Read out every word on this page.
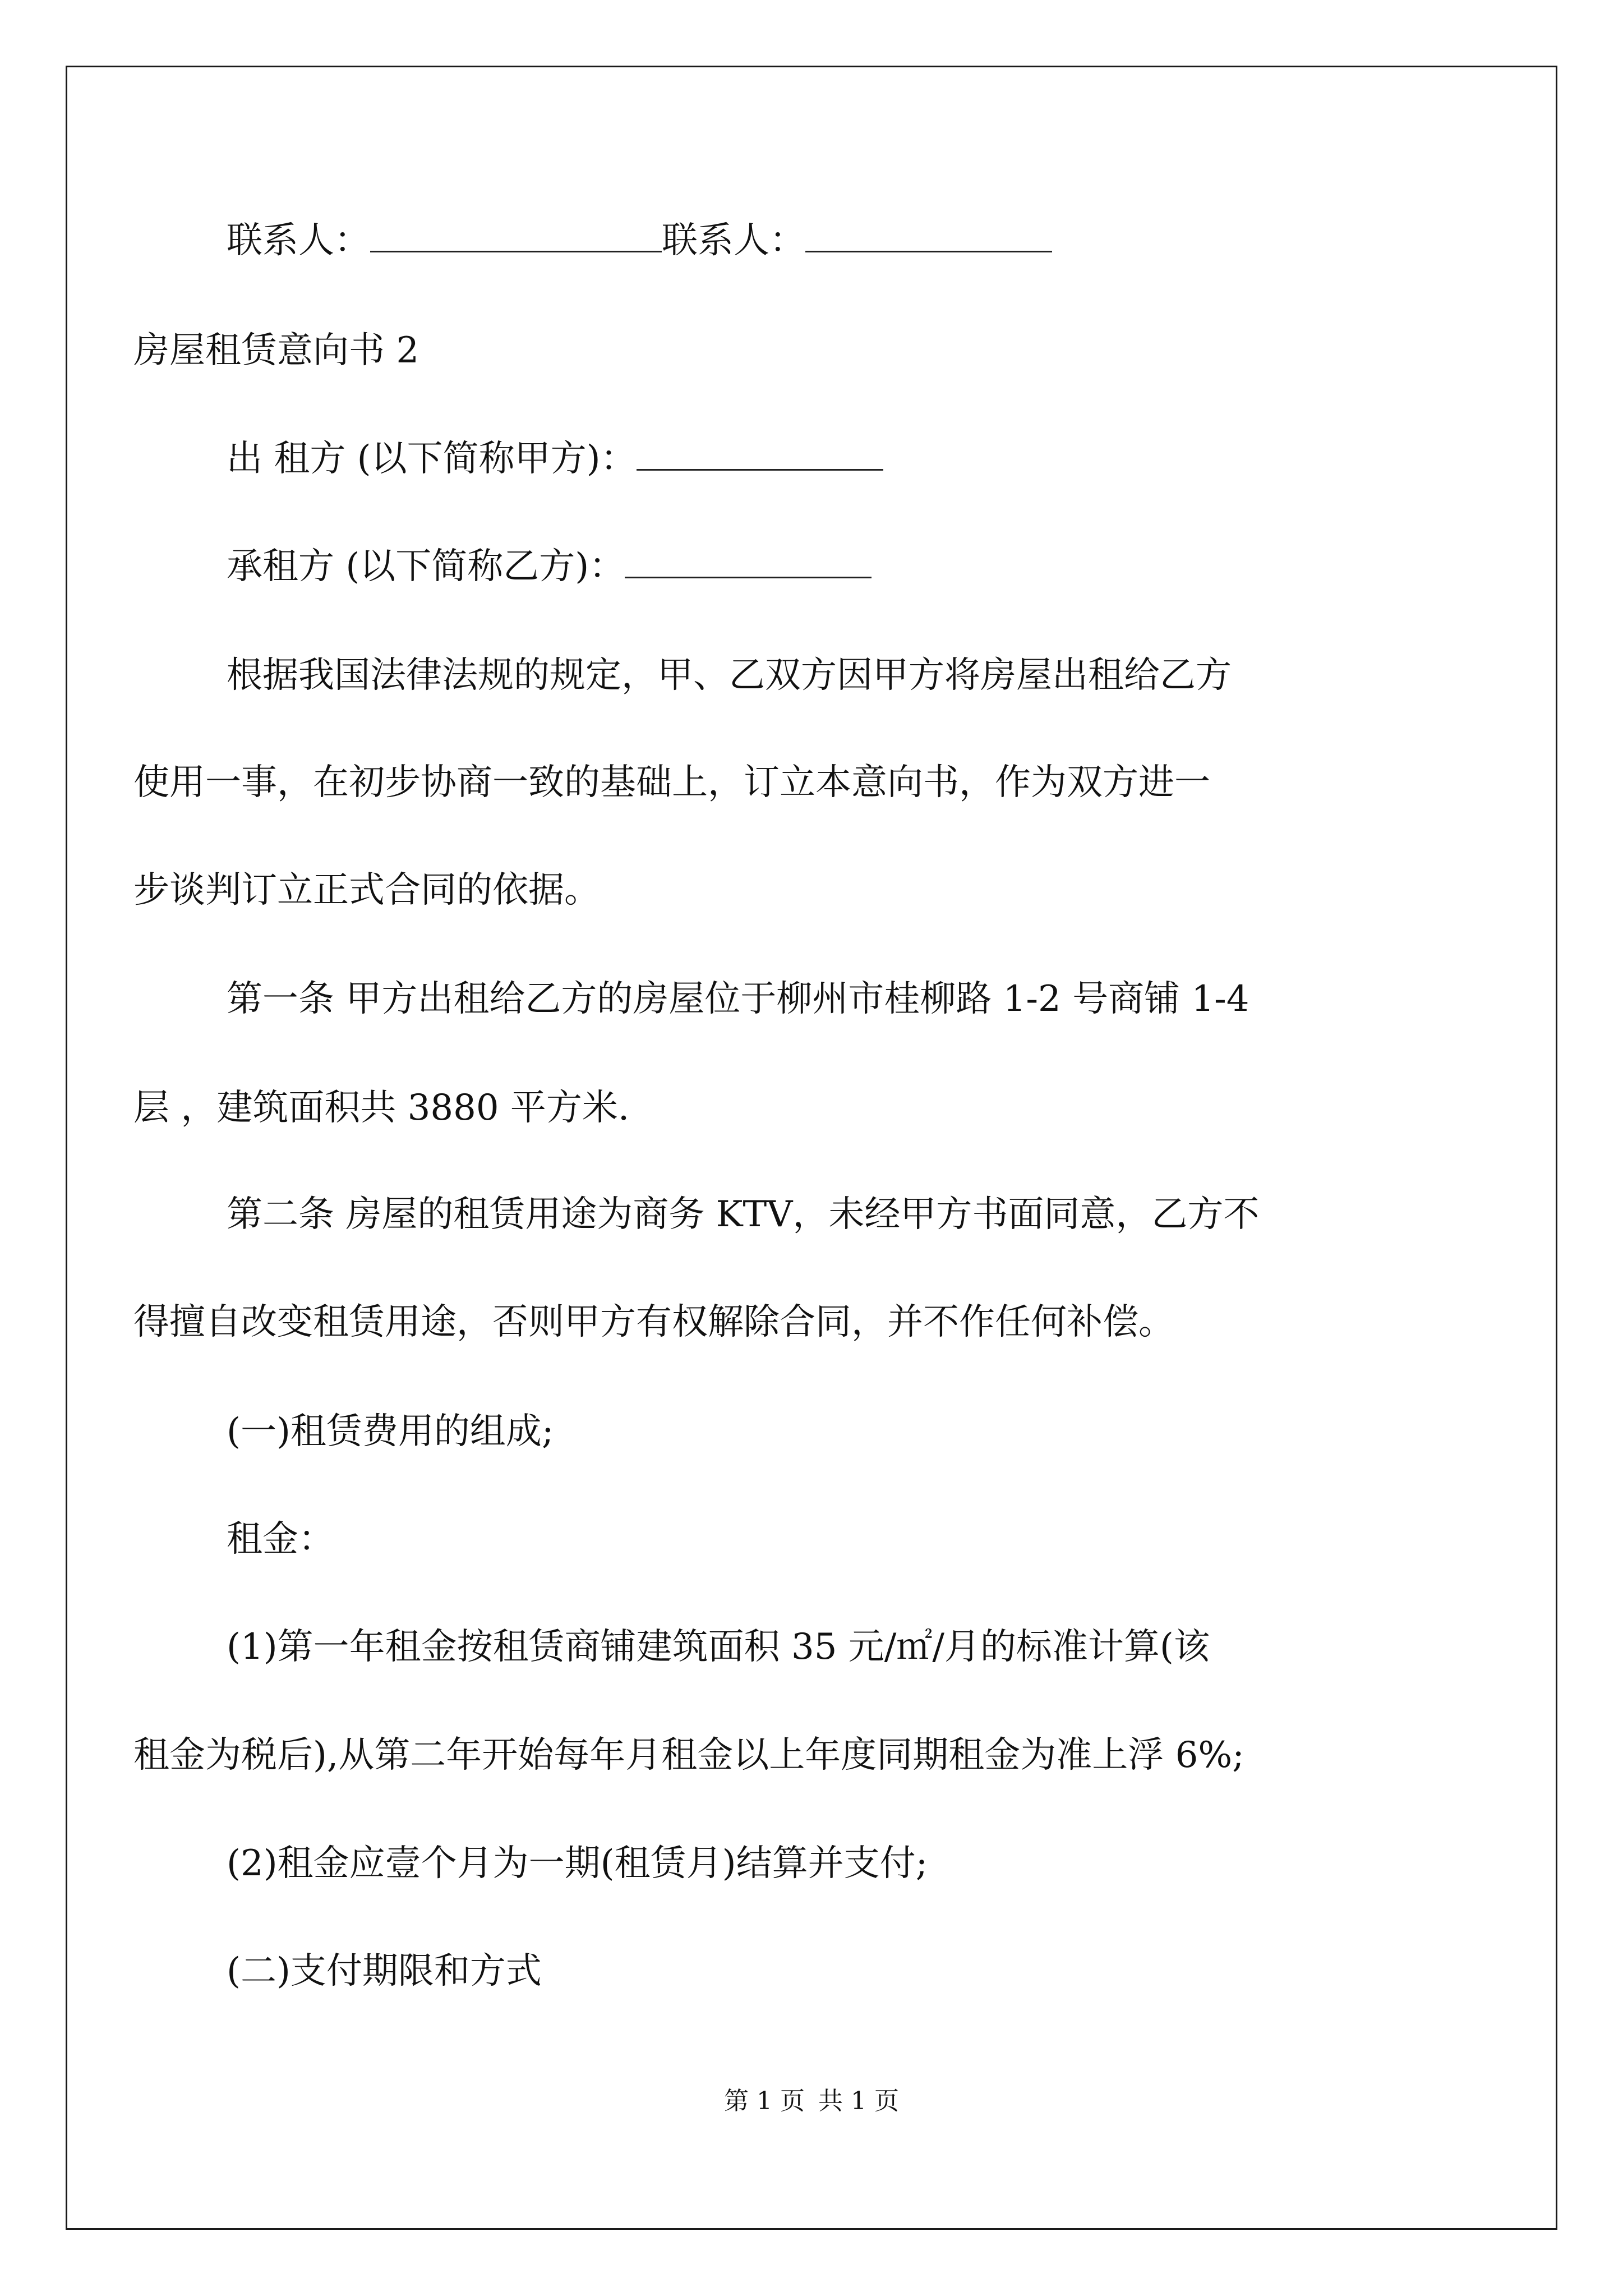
联系人：	联系人：

房屋租赁意向书 2

出 租方 (以下简称甲方)：

承租方 (以下简称乙方)：

根据我国法律法规的规定，甲、乙双方因甲方将房屋出租给乙方

使用一事，在初步协商一致的基础上，订立本意向书，作为双方进一

步谈判订立正式合同的依据。

第一条 甲方出租给乙方的房屋位于柳州市桂柳路 1-2 号商铺 1-4

层 ，建筑面积共 3880 平方米.

第二条 房屋的租赁用途为商务 KTV，未经甲方书面同意，乙方不

得擅自改变租赁用途，否则甲方有权解除合同，并不作任何补偿。

(一)租赁费用的组成;

租金：

(1)第一年租金按租赁商铺建筑面积 35 元/㎡/月的标准计算(该

租金为税后),从第二年开始每年月租金以上年度同期租金为准上浮 6%;

(2)租金应壹个月为一期(租赁月)结算并支付;

(二)支付期限和方式

第 1 页 共 1 页
